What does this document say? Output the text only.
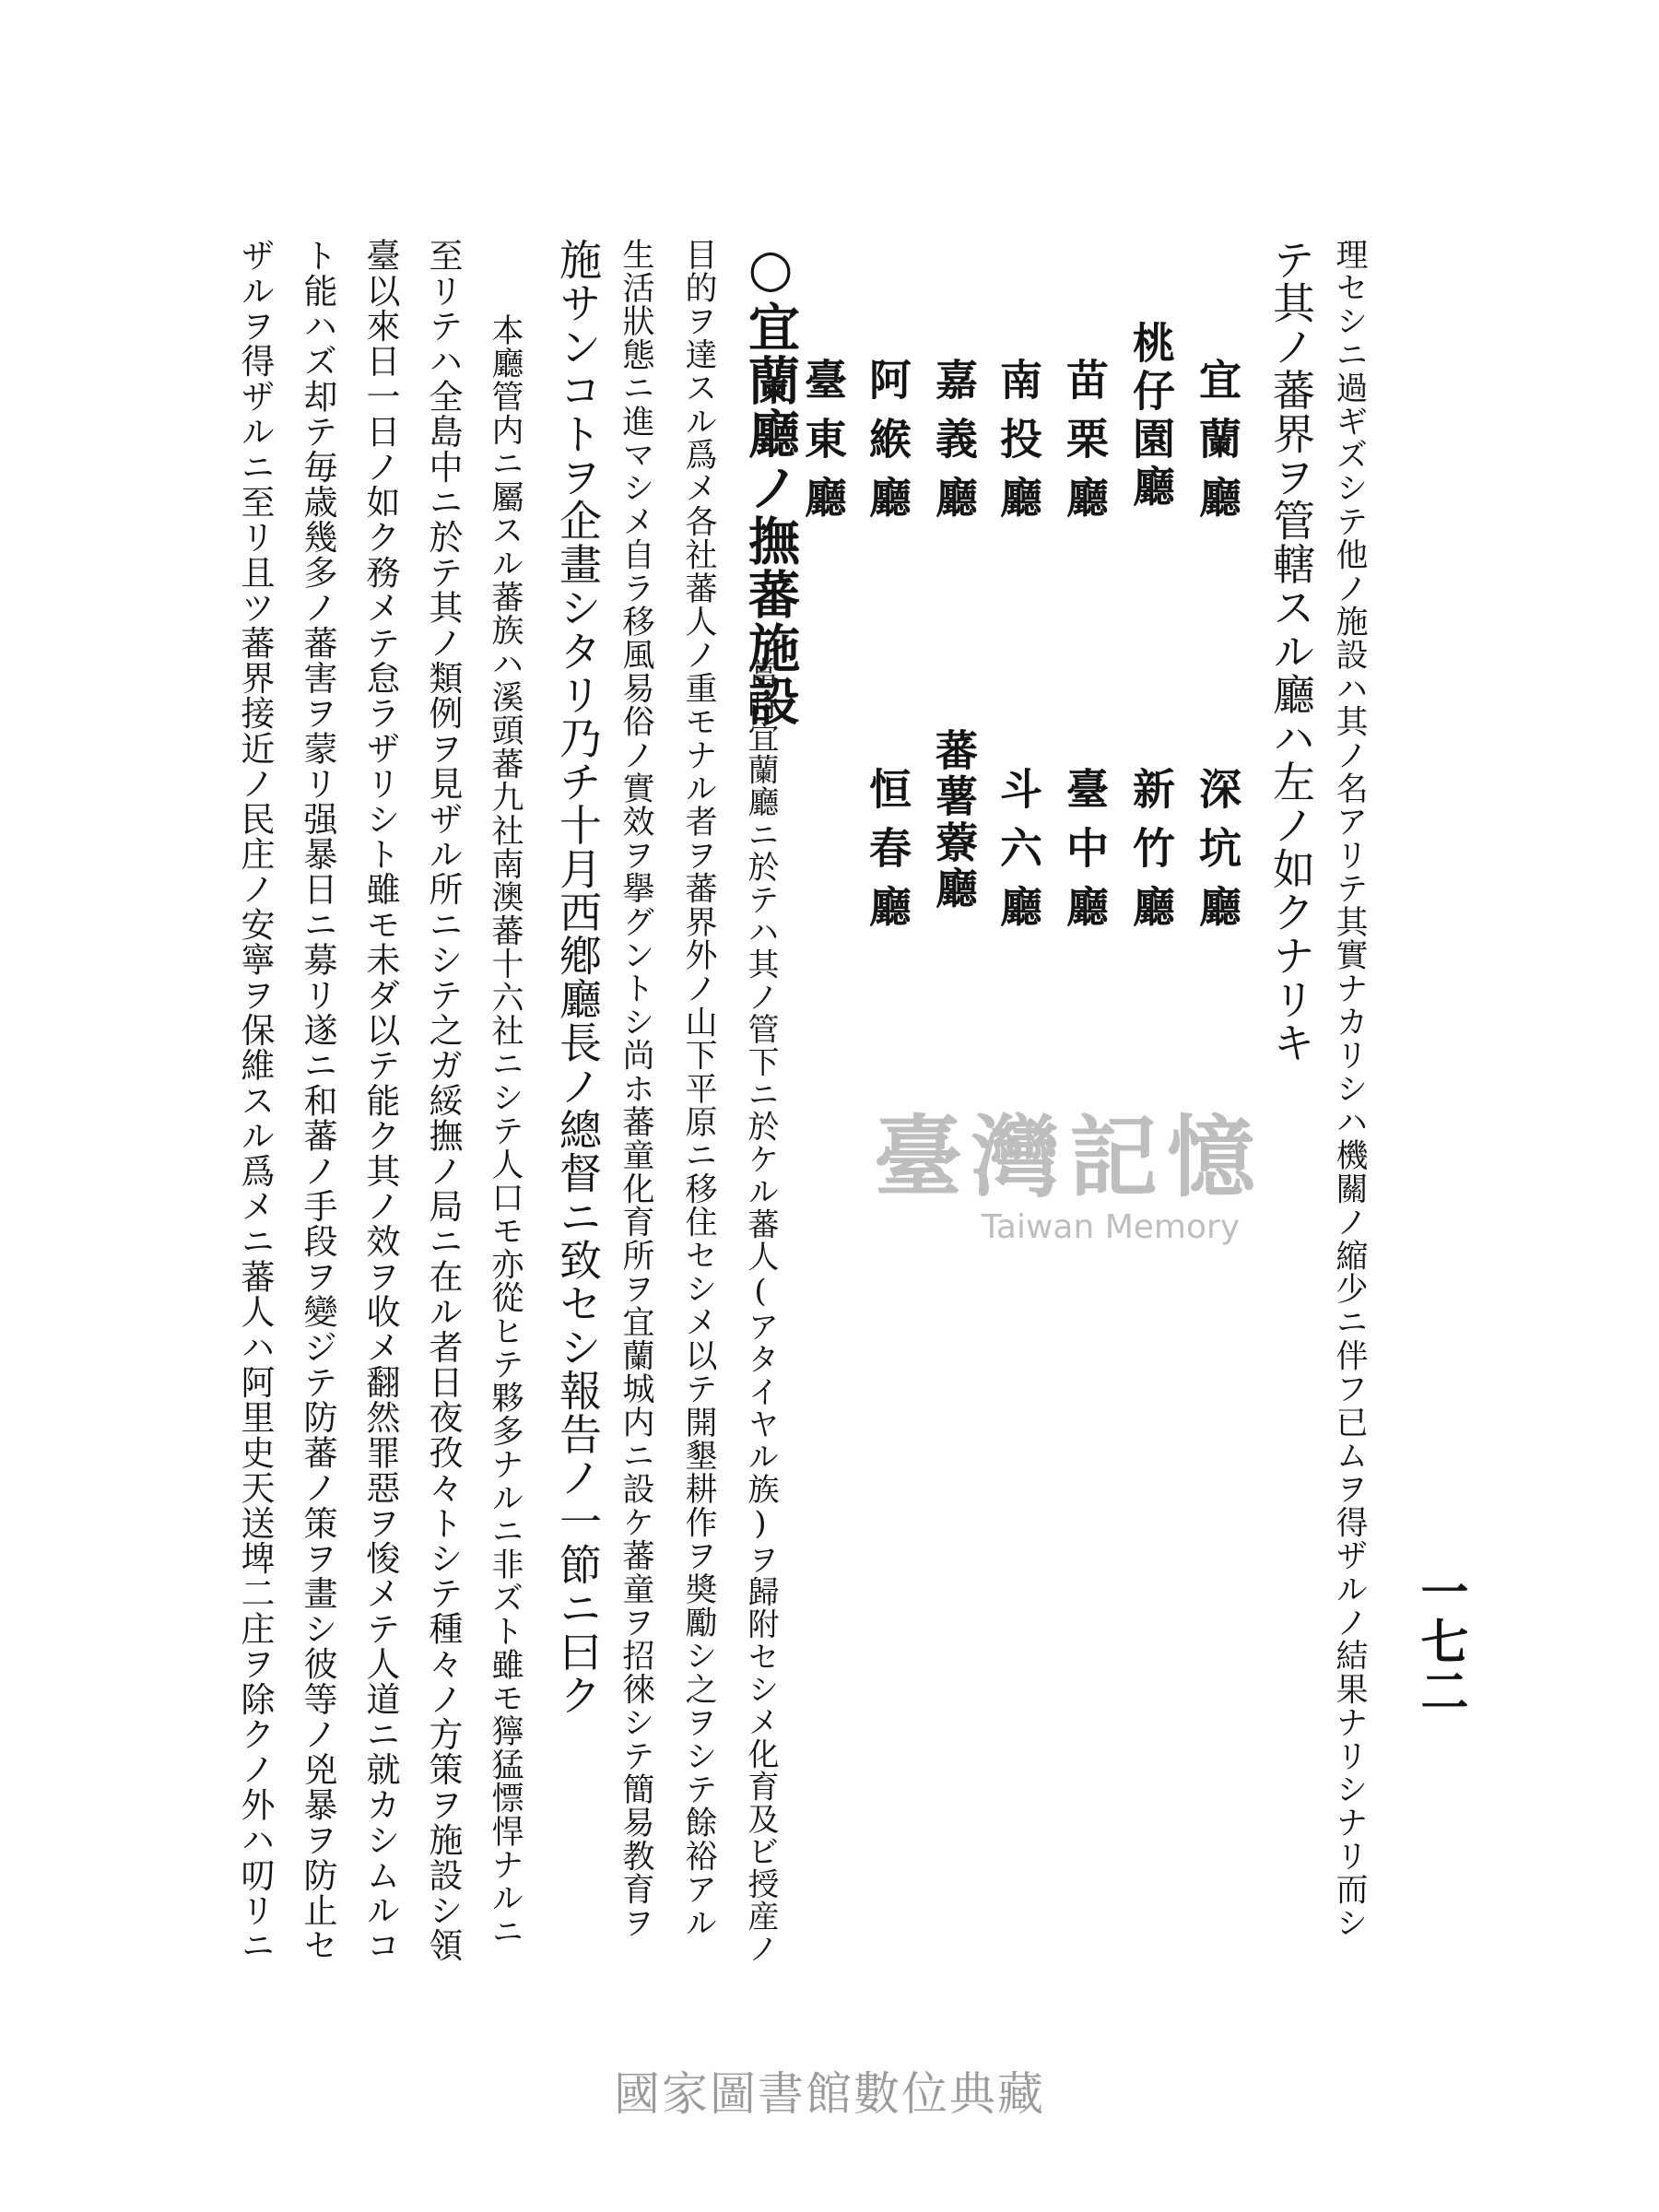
一七二
理セシニ過ギズシテ他ノ施設ハ其ノ名アリテ其實ナカリシハ機關ノ縮少ニ伴フ已ムヲ得ザルノ結果ナリシナリ而シ
テ其ノ蕃界ヲ管轄スル廳ハ左ノ如クナリキ
宜蘭廳
深坑廳
桃仔園廳
新竹廳
苗栗廳
臺中廳
南投廳
斗六廳
嘉義廳
蕃薯藔廳
阿緱廳
恒春廳
臺東廳
○宜蘭廳ノ撫蕃施設
當時宜蘭廳ニ於テハ其ノ管下ニ於ケル蕃人(アタイヤル族)ヲ歸附セシメ化育及ビ授産ノ
目的ヲ達スル爲メ各社蕃人ノ重モナル者ヲ蕃界外ノ山下平原ニ移住セシメ以テ開墾耕作ヲ奬勵シ之ヲシテ餘裕アル
生活狀態ニ進マシメ自ラ移風易俗ノ實效ヲ擧グントシ尚ホ蕃童化育所ヲ宜蘭城内ニ設ケ蕃童ヲ招徠シテ簡易教育ヲ
施サンコトヲ企畫シタリ乃チ十月西鄕廳長ノ總督ニ致セシ報告ノ一節ニ曰ク
本廳管内ニ屬スル蕃族ハ溪頭蕃九社南澳蕃十六社ニシテ人口モ亦從ヒテ夥多ナルニ非ズト雖モ獰猛慓悍ナルニ
至リテハ全島中ニ於テ其ノ類例ヲ見ザル所ニシテ之ガ綏撫ノ局ニ在ル者日夜孜々トシテ種々ノ方策ヲ施設シ領
臺以來日一日ノ如ク務メテ怠ラザリシト雖モ未ダ以テ能ク其ノ效ヲ收メ翻然罪惡ヲ悛メテ人道ニ就カシムルコ
ト能ハズ却テ毎歳幾多ノ蕃害ヲ蒙リ强暴日ニ募リ遂ニ和蕃ノ手段ヲ變ジテ防蕃ノ策ヲ畫シ彼等ノ兇暴ヲ防止セ
ザルヲ得ザルニ至リ且ツ蕃界接近ノ民庄ノ安寧ヲ保維スル爲メニ蕃人ハ阿里史天送埤二庄ヲ除クノ外ハ叨リニ	臺灣記憶
Taiwan Memory
國家圖書館數位典藏
